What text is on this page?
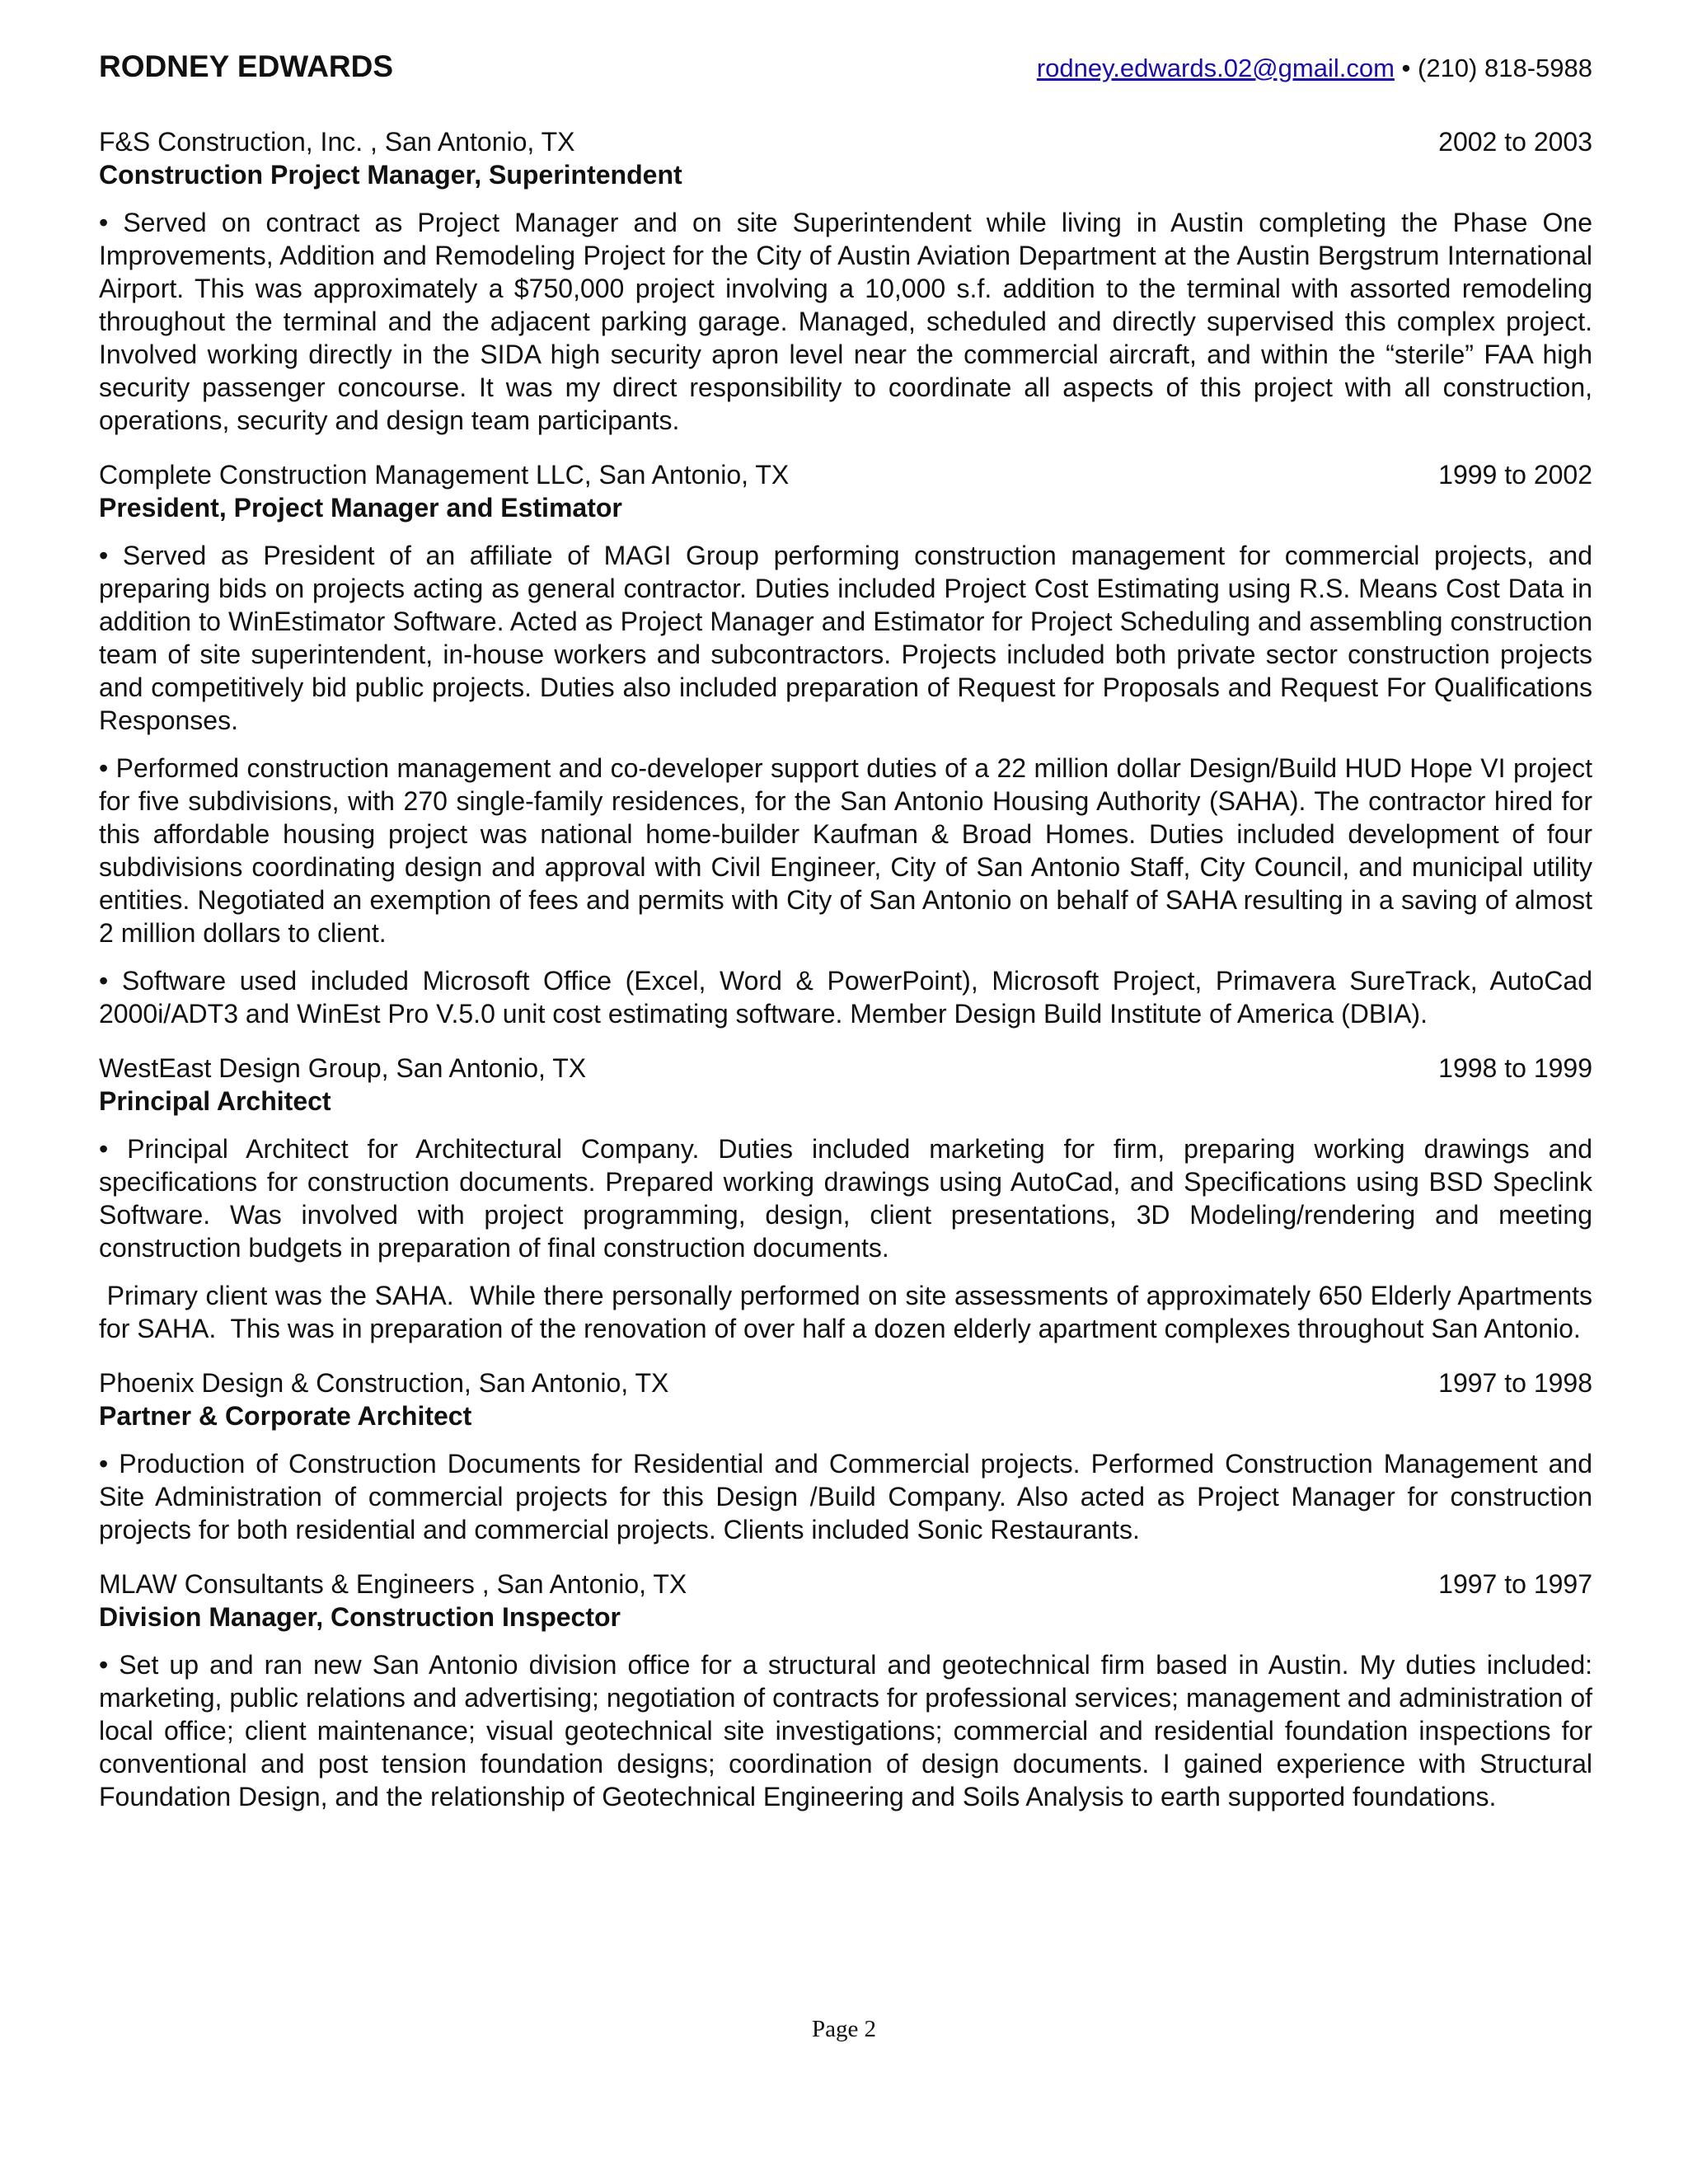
RODNEY EDWARDS	rodney.edwards.02@gmail.com • (210) 818-5988
F&S Construction, Inc. , San Antonio, TX	2002 to 2003
Construction Project Manager, Superintendent
• Served on contract as Project Manager and on site Superintendent while living in Austin completing the Phase One Improvements, Addition and Remodeling Project for the City of Austin Aviation Department at the Austin Bergstrum International Airport. This was approximately a $750,000 project involving a 10,000 s.f. addition to the terminal with assorted remodeling throughout the terminal and the adjacent parking garage. Managed, scheduled and directly supervised this complex project. Involved working directly in the SIDA high security apron level near the commercial aircraft, and within the “sterile” FAA high security passenger concourse. It was my direct responsibility to coordinate all aspects of this project with all construction, operations, security and design team participants.
Complete Construction Management LLC, San Antonio, TX	1999 to 2002
President, Project Manager and Estimator
• Served as President of an affiliate of MAGI Group performing construction management for commercial projects, and preparing bids on projects acting as general contractor. Duties included Project Cost Estimating using R.S. Means Cost Data in addition to WinEstimator Software. Acted as Project Manager and Estimator for Project Scheduling and assembling construction team of site superintendent, in-house workers and subcontractors. Projects included both private sector construction projects and competitively bid public projects. Duties also included preparation of Request for Proposals and Request For Qualifications Responses.
• Performed construction management and co-developer support duties of a 22 million dollar Design/Build HUD Hope VI project for five subdivisions, with 270 single-family residences, for the San Antonio Housing Authority (SAHA). The contractor hired for this affordable housing project was national home-builder Kaufman & Broad Homes. Duties included development of four subdivisions coordinating design and approval with Civil Engineer, City of San Antonio Staff, City Council, and municipal utility entities. Negotiated an exemption of fees and permits with City of San Antonio on behalf of SAHA resulting in a saving of almost 2 million dollars to client.
• Software used included Microsoft Office (Excel, Word & PowerPoint), Microsoft Project, Primavera SureTrack, AutoCad 2000i/ADT3 and WinEst Pro V.5.0 unit cost estimating software. Member Design Build Institute of America (DBIA).
WestEast Design Group, San Antonio, TX	1998 to 1999
Principal Architect
• Principal Architect for Architectural Company. Duties included marketing for firm, preparing working drawings and specifications for construction documents. Prepared working drawings using AutoCad, and Specifications using BSD Speclink Software. Was involved with project programming, design, client presentations, 3D Modeling/rendering and meeting construction budgets in preparation of final construction documents.
Primary client was the SAHA.  While there personally performed on site assessments of approximately 650 Elderly Apartments for SAHA.  This was in preparation of the renovation of over half a dozen elderly apartment complexes throughout San Antonio.
Phoenix Design & Construction, San Antonio, TX	1997 to 1998
Partner & Corporate Architect
• Production of Construction Documents for Residential and Commercial projects. Performed Construction Management and Site Administration of commercial projects for this Design /Build Company. Also acted as Project Manager for construction projects for both residential and commercial projects. Clients included Sonic Restaurants.
MLAW Consultants & Engineers , San Antonio, TX	1997 to 1997
Division Manager, Construction Inspector
• Set up and ran new San Antonio division office for a structural and geotechnical firm based in Austin. My duties included: marketing, public relations and advertising; negotiation of contracts for professional services; management and administration of local office; client maintenance; visual geotechnical site investigations; commercial and residential foundation inspections for conventional and post tension foundation designs; coordination of design documents. I gained experience with Structural Foundation Design, and the relationship of Geotechnical Engineering and Soils Analysis to earth supported foundations.
Page 2
